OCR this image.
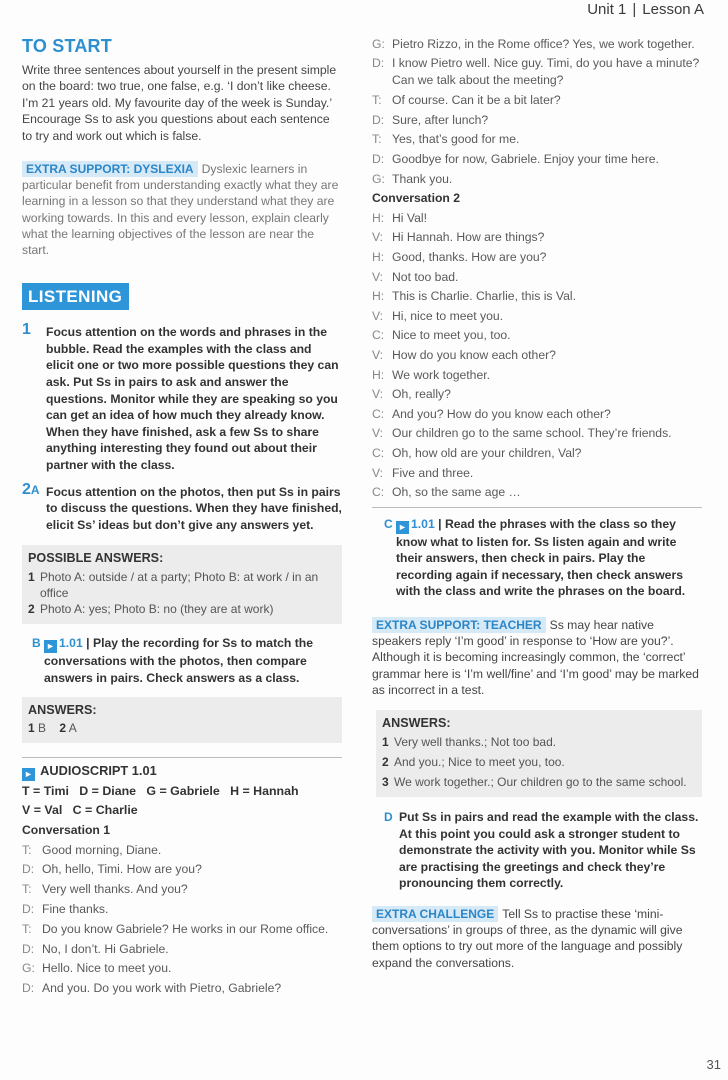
Unit 1 | Lesson A
TO START

Write three sentences about yourself in the present simple on the board: two true, one false, e.g. ‘I don’t like cheese. I’m 21 years old. My favourite day of the week is Sunday.’ Encourage Ss to ask you questions about each sentence to try and work out which is false.

EXTRA SUPPORT: DYSLEXIA Dyslexic learners in particular benefit from understanding exactly what they are learning in a lesson so that they understand what they are working towards. In this and every lesson, explain clearly what the learning objectives of the lesson are near the start.

LISTENING
1 Focus attention on the words and phrases in the bubble. Read the examples with the class and elicit one or two more possible questions they can ask. Put Ss in pairs to ask and answer the questions. Monitor while they are speaking so you can get an idea of how much they already know. When they have finished, ask a few Ss to share anything interesting they found out about their partner with the class.
2A Focus attention on the photos, then put Ss in pairs to discuss the questions. When they have finished, elicit Ss’ ideas but don’t give any answers yet.
POSSIBLE ANSWERS:
1 Photo A: outside / at a party; Photo B: at work / in an office
2 Photo A: yes; Photo B: no (they are at work)
B ► 1.01 | Play the recording for Ss to match the conversations with the photos, then compare answers in pairs. Check answers as a class.
ANSWERS:
1 B 2 A
► AUDIOSCRIPT 1.01
T = Timi   D = Diane   G = Gabriele   H = Hannah
V = Val   C = Charlie
Conversation 1
T: Good morning, Diane.
D: Oh, hello, Timi. How are you?
T: Very well thanks. And you?
D: Fine thanks.
T: Do you know Gabriele? He works in our Rome office.
D: No, I don’t. Hi Gabriele.
G: Hello. Nice to meet you.
D: And you. Do you work with Pietro, Gabriele?
G: Pietro Rizzo, in the Rome office? Yes, we work together.
D: I know Pietro well. Nice guy. Timi, do you have a minute? Can we talk about the meeting?
T: Of course. Can it be a bit later?
D: Sure, after lunch?
T: Yes, that’s good for me.
D: Goodbye for now, Gabriele. Enjoy your time here.
G: Thank you.
Conversation 2
H: Hi Val!
V: Hi Hannah. How are things?
H: Good, thanks. How are you?
V: Not too bad.
H: This is Charlie. Charlie, this is Val.
V: Hi, nice to meet you.
C: Nice to meet you, too.
V: How do you know each other?
H: We work together.
V: Oh, really?
C: And you? How do you know each other?
V: Our children go to the same school. They’re friends.
C: Oh, how old are your children, Val?
V: Five and three.
C: Oh, so the same age …
C ► 1.01 | Read the phrases with the class so they know what to listen for. Ss listen again and write their answers, then check in pairs. Play the recording again if necessary, then check answers with the class and write the phrases on the board.

EXTRA SUPPORT: TEACHER Ss may hear native speakers reply ‘I’m good’ in response to ‘How are you?’. Although it is becoming increasingly common, the ‘correct’ grammar here is ‘I’m well/fine’ and ‘I’m good’ may be marked as incorrect in a test.

ANSWERS:
1 Very well thanks.; Not too bad.
2 And you.; Nice to meet you, too.
3 We work together.; Our children go to the same school.
D Put Ss in pairs and read the example with the class. At this point you could ask a stronger student to demonstrate the activity with you. Monitor while Ss are practising the greetings and check they’re pronouncing them correctly.

EXTRA CHALLENGE Tell Ss to practise these ‘mini-conversations’ in groups of three, as the dynamic will give them options to try out more of the language and possibly expand the conversations.

31
